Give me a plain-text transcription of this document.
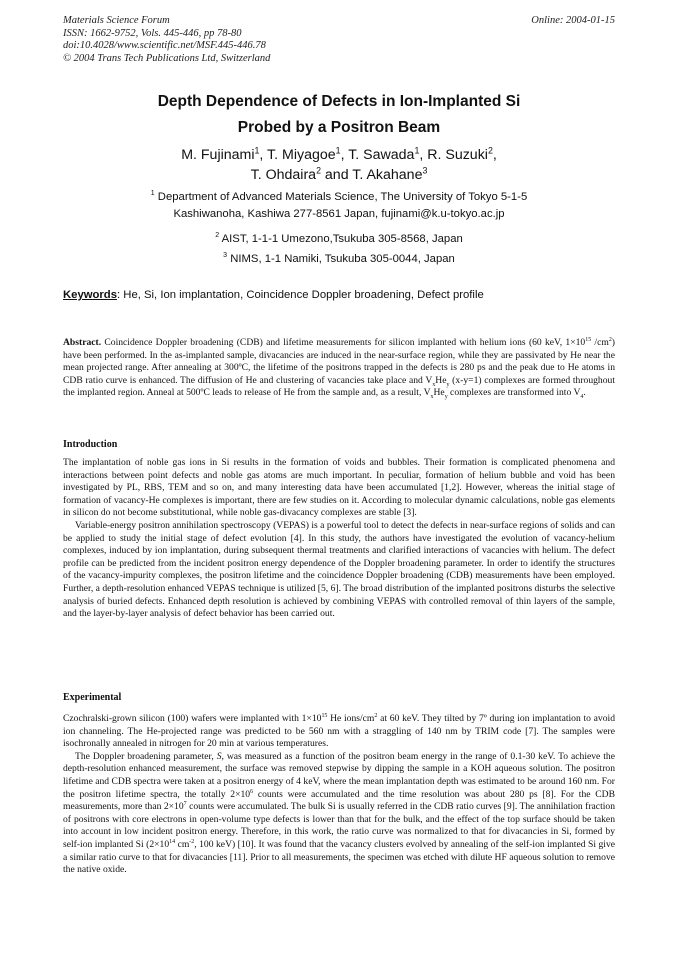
Materials Science Forum
ISSN: 1662-9752, Vols. 445-446, pp 78-80
doi:10.4028/www.scientific.net/MSF.445-446.78
© 2004 Trans Tech Publications Ltd, Switzerland
Online: 2004-01-15
Depth Dependence of Defects in Ion-Implanted Si
Probed by a Positron Beam
M. Fujinami$^1$, T. Miyagoe$^1$, T. Sawada$^1$, R. Suzuki$^2$,
T. Ohdaira$^2$ and T. Akahane$^3$
$^1$ Department of Advanced Materials Science, The University of Tokyo 5-1-5
Kashiwanoha, Kashiwa 277-8561 Japan, fujinami@k.u-tokyo.ac.jp
$^2$ AIST, 1-1-1 Umezono,Tsukuba 305-8568, Japan
$^3$ NIMS, 1-1 Namiki, Tsukuba 305-0044, Japan
Keywords: He, Si, Ion implantation, Coincidence Doppler broadening, Defect profile

Abstract. Coincidence Doppler broadening (CDB) and lifetime measurements for silicon implanted with helium ions (60 keV, $1\times 10^{15}$ $/cm^2$) have been performed. In the as-implanted sample, divacancies are induced in the near-surface region, while they are passivated by He near the mean projected range. After annealing at 300ºC, the lifetime of the positrons trapped in the defects is 280 ps and the peak due to He atoms in CDB ratio curve is enhanced. The diffusion of He and clustering of vacancies take place and $V_xHe_y$ (x-y=1) complexes are formed throughout the implanted region. Anneal at 500ºC leads to release of He from the sample and, as a result, $V_xHe_y$ complexes are transformed into $V_4$.

Introduction

The implantation of noble gas ions in Si results in the formation of voids and bubbles. Their formation is complicated phenomena and interactions between point defects and noble gas atoms are much important. In peculiar, formation of helium bubble and void has been investigated by PL, RBS, TEM and so on, and many interesting data have been accumulated [1,2]. However, whereas the initial stage of formation of vacancy-He complexes is important, there are few studies on it. According to molecular dynamic calculations, noble gas elements in silicon do not become substitutional, while noble gas-divacancy complexes are stable [3].

Variable-energy positron annihilation spectroscopy (VEPAS) is a powerful tool to detect the defects in near-surface regions of solids and can be applied to study the initial stage of defect evolution [4]. In this study, the authors have investigated the evolution of vacancy-helium complexes, induced by ion implantation, during subsequent thermal treatments and clarified interactions of vacancies with helium. The defect profile can be predicted from the incident positron energy dependence of the Doppler broadening parameter. In order to identify the structures of the vacancy-impurity complexes, the positron lifetime and the coincidence Doppler broadening (CDB) measurements have been employed. Further, a depth-resolution enhanced VEPAS technique is utilized [5, 6]. The broad distribution of the implanted positrons disturbs the selective analysis of buried defects. Enhanced depth resolution is achieved by combining VEPAS with controlled removal of thin layers of the sample, and the layer-by-layer analysis of defect behavior has been carried out.

Experimental

Czochralski-grown silicon (100) wafers were implanted with $1\times 10^{15}$ He ions/$cm^2$ at 60 keV. They tilted by 7º during ion implantation to avoid ion channeling. The He-projected range was predicted to be 560 nm with a straggling of 140 nm by TRIM code [7]. The samples were isochronally annealed in nitrogen for 20 min at various temperatures.

The Doppler broadening parameter, S, was measured as a function of the positron beam energy in the range of 0.1-30 keV. To achieve the depth-resolution enhanced measurement, the surface was removed stepwise by dipping the sample in a KOH aqueous solution. The positron lifetime and CDB spectra were taken at a positron energy of 4 keV, where the mean implantation depth was estimated to be around 160 nm. For the positron lifetime spectra, the totally $2\times 10^6$ counts were accumulated and the time resolution was about 280 ps [8]. For the CDB measurements, more than $2\times 10^7$ counts were accumulated. The bulk Si is usually referred in the CDB ratio curves [9]. The annihilation fraction of positrons with core electrons in open-volume type defects is lower than that for the bulk, and the effect of the top surface should be taken into account in low incident positron energy. Therefore, in this work, the ratio curve was normalized to that for divacancies in Si, formed by self-ion implanted Si ($2\times 10^{14}$ $cm^{-2}$, 100 keV) [10]. It was found that the vacancy clusters evolved by annealing of the self-ion implanted Si give a similar ratio curve to that for divacancies [11]. Prior to all measurements, the specimen was etched with dilute HF aqueous solution to remove the native oxide.
